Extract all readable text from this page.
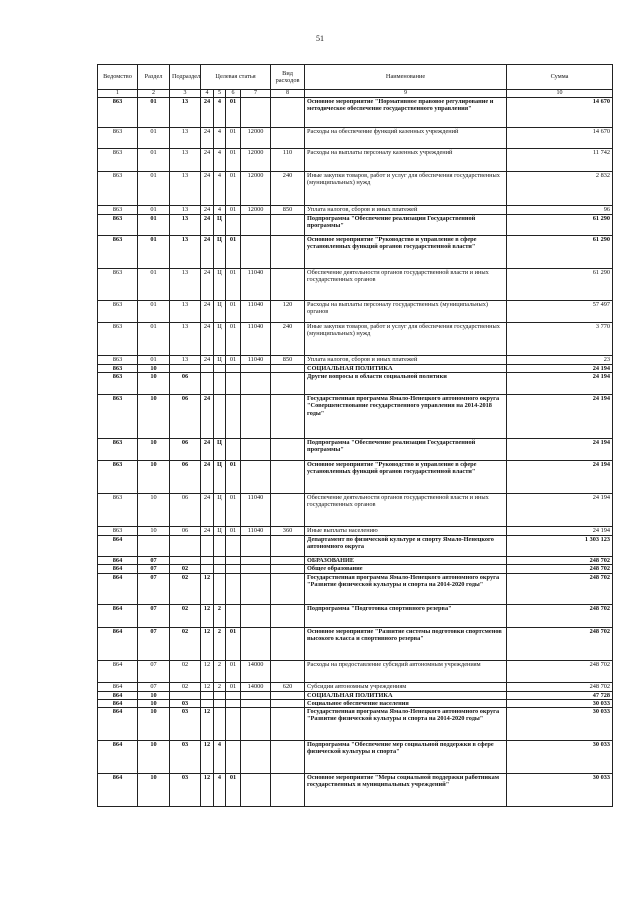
51
Ведомство	Раздел	Подраздел	Целевая статья				Вид расходов	Наименование	Сумма
1	2	3	4	5	6	7	8	9	10
863	01	13	24	4	01			Основное мероприятие "Нормативное правовое регулирование и методическое обеспечение государственного управления"	14 670
863	01	13	24	4	01	12000		Расходы на обеспечение функций казенных учреждений	14 670
863	01	13	24	4	01	12000	110	Расходы на выплаты персоналу казенных учреждений	11 742
863	01	13	24	4	01	12000	240	Иные закупки товаров, работ и услуг для обеспечения государственных (муниципальных) нужд	2 832
863	01	13	24	4	01	12000	850	Уплата налогов, сборов и иных платежей	96
863	01	13	24	Ц				Подпрограмма "Обеспечение реализации Государственной программы"	61 290
863	01	13	24	Ц	01			Основное мероприятие "Руководство и управление в сфере установленных функций органов государственной власти"	61 290
863	01	13	24	Ц	01	11040		Обеспечение деятельности органов государственной власти и иных государственных органов	61 290
863	01	13	24	Ц	01	11040	120	Расходы на выплаты персоналу государственных (муниципальных) органов	57 497
863	01	13	24	Ц	01	11040	240	Иные закупки товаров, работ и услуг для обеспечения государственных (муниципальных) нужд	3 770
863	01	13	24	Ц	01	11040	850	Уплата налогов, сборов и иных платежей	23
863	10							СОЦИАЛЬНАЯ ПОЛИТИКА	24 194
863	10	06						Другие вопросы в области социальной политики	24 194
863	10	06	24					Государственная программа Ямало-Ненецкого автономного округа "Совершенствование государственного управления на 2014-2018 годы"	24 194
863	10	06	24	Ц				Подпрограмма "Обеспечение реализации Государственной программы"	24 194
863	10	06	24	Ц	01			Основное мероприятие "Руководство и управление в сфере установленных функций органов государственной власти"	24 194
863	10	06	24	Ц	01	11040		Обеспечение деятельности органов государственной власти и иных государственных органов	24 194
863	10	06	24	Ц	01	11040	360	Иные выплаты населению	24 194
864								Департамент по физической культуре и спорту Ямало-Ненецкого автономного округа	1 303 123
864	07							ОБРАЗОВАНИЕ	248 702
864	07	02						Общее образование	248 702
864	07	02	12					Государственная программа Ямало-Ненецкого автономного округа "Развитие физической культуры и спорта на 2014-2020 годы"	248 702
864	07	02	12	2				Подпрограмма "Подготовка спортивного резерва"	248 702
864	07	02	12	2	01			Основное мероприятие "Развитие системы подготовки спортсменов высокого класса и спортивного резерва"	248 702
864	07	02	12	2	01	14000		Расходы на предоставление субсидий автономным учреждениям	248 702
864	07	02	12	2	01	14000	620	Субсидии автономным учреждениям	248 702
864	10							СОЦИАЛЬНАЯ ПОЛИТИКА	47 728
864	10	03						Социальное обеспечение населения	30 033
864	10	03	12					Государственная программа Ямало-Ненецкого автономного округа "Развитие физической культуры и спорта на 2014-2020 годы"	30 033
864	10	03	12	4				Подпрограмма "Обеспечение мер социальной поддержки в сфере физической культуры и спорта"	30 033
864	10	03	12	4	01			Основное мероприятие "Меры социальной поддержки работникам государственных и муниципальных учреждений"	30 033
